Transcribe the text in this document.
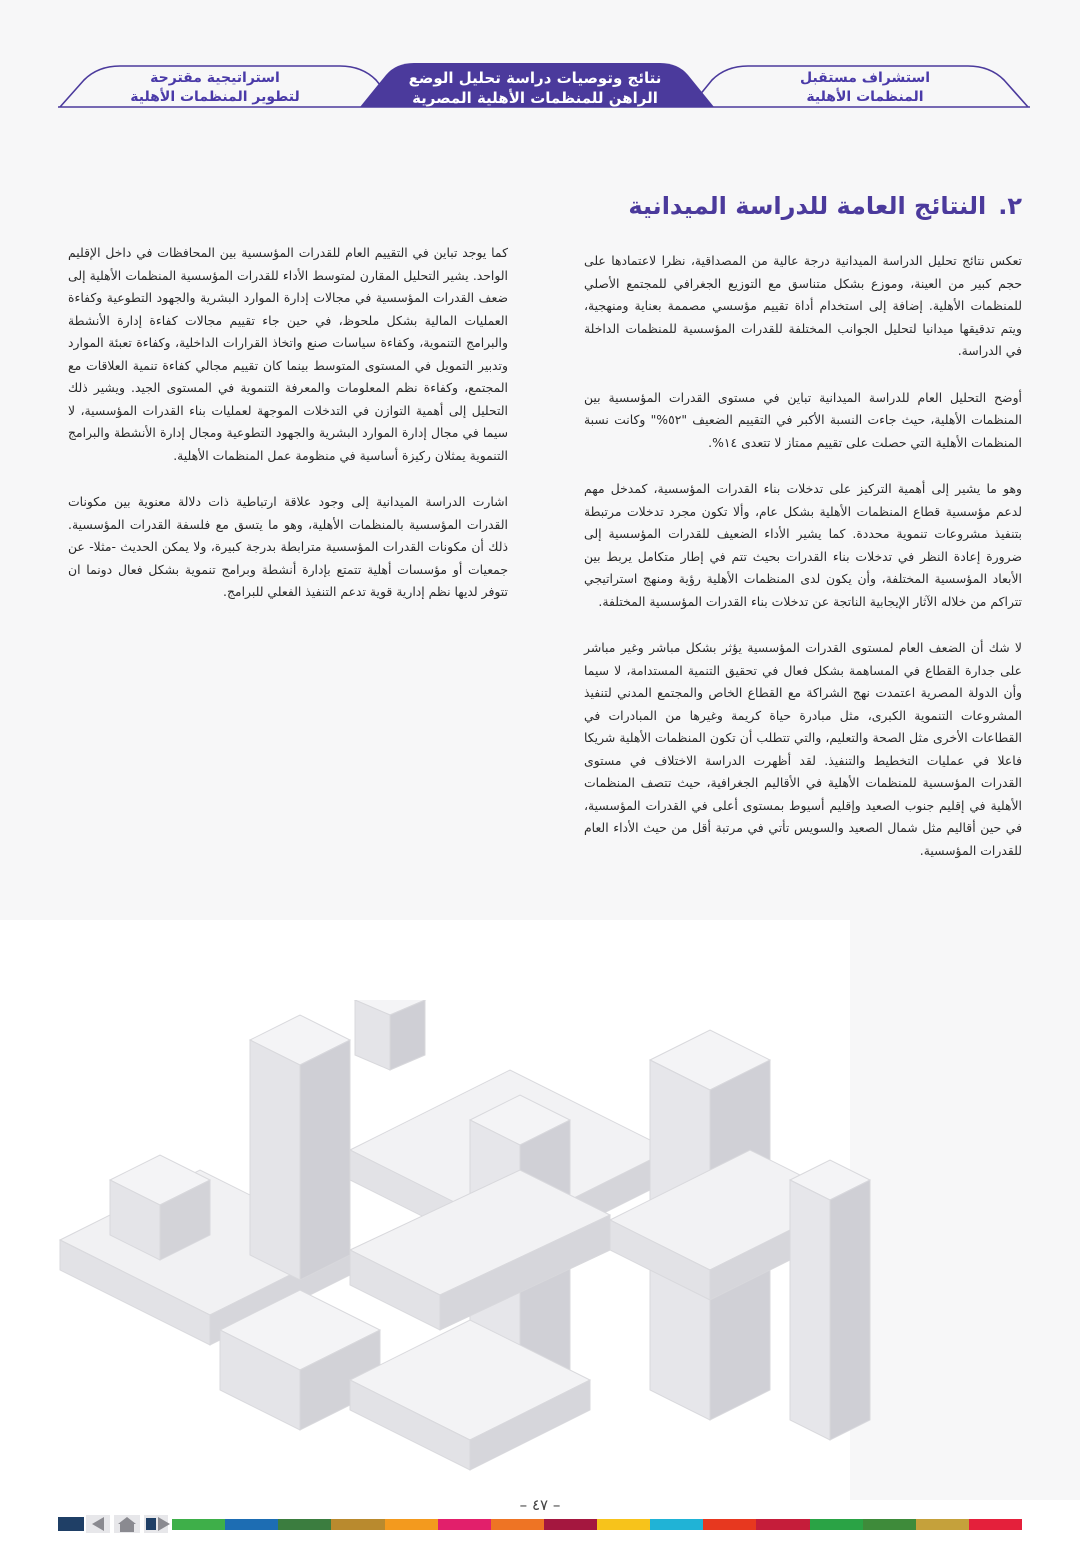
استشراف مستقبل
المنظمات الأهلية
نتائج وتوصيات دراسة تحليل الوضع
الراهن للمنظمات الأهلية المصرية
استراتيجية مقترحة
لتطوير المنظمات الأهلية
٢.النتائج العامة للدراسة الميدانية

تعكس نتائج تحليل الدراسة الميدانية درجة عالية من المصداقية، نظرا لاعتمادها على حجم كبير من العينة، وموزع بشكل متناسق مع التوزيع الجغرافي للمجتمع الأصلي للمنظمات الأهلية. إضافة إلى استخدام أداة تقييم مؤسسي مصممة بعناية ومنهجية، ويتم تدقيقها ميدانيا لتحليل الجوانب المختلفة للقدرات المؤسسية للمنظمات الداخلة في الدراسة.

أوضح التحليل العام للدراسة الميدانية تباين في مستوى القدرات المؤسسية بين المنظمات الأهلية، حيث جاءت النسبة الأكبر في التقييم الضعيف "٥٢%" وكانت نسبة المنظمات الأهلية التي حصلت على تقييم ممتاز لا تتعدى ١٤%.

وهو ما يشير إلى أهمية التركيز على تدخلات بناء القدرات المؤسسية، كمدخل مهم لدعم مؤسسية قطاع المنظمات الأهلية بشكل عام، وألا تكون مجرد تدخلات مرتبطة بتنفيذ مشروعات تنموية محددة. كما يشير الأداء الضعيف للقدرات المؤسسية إلى ضرورة إعادة النظر في تدخلات بناء القدرات بحيث تتم في إطار متكامل يربط بين الأبعاد المؤسسية المختلفة، وأن يكون لدى المنظمات الأهلية رؤية ومنهج استراتيجي تتراكم من خلاله الآثار الإيجابية الناتجة عن تدخلات بناء القدرات المؤسسية المختلفة.

لا شك أن الضعف العام لمستوى القدرات المؤسسية يؤثر بشكل مباشر وغير مباشر على جدارة القطاع في المساهمة بشكل فعال في تحقيق التنمية المستدامة، لا سيما وأن الدولة المصرية اعتمدت نهج الشراكة مع القطاع الخاص والمجتمع المدني لتنفيذ المشروعات التنموية الكبرى، مثل مبادرة حياة كريمة وغيرها من المبادرات في القطاعات الأخرى مثل الصحة والتعليم، والتي تتطلب أن تكون المنظمات الأهلية شريكا فاعلا في عمليات التخطيط والتنفيذ. لقد أظهرت الدراسة الاختلاف في مستوى القدرات المؤسسية للمنظمات الأهلية في الأقاليم الجغرافية، حيث تتصف المنظمات الأهلية في إقليم جنوب الصعيد وإقليم أسيوط بمستوى أعلى في القدرات المؤسسية، في حين أقاليم مثل شمال الصعيد والسويس تأتي في مرتبة أقل من حيث الأداء العام للقدرات المؤسسية.

كما يوجد تباين في التقييم العام للقدرات المؤسسية بين المحافظات في داخل الإقليم الواحد. يشير التحليل المقارن لمتوسط الأداء للقدرات المؤسسية المنظمات الأهلية إلى ضعف القدرات المؤسسية في مجالات إدارة الموارد البشرية والجهود التطوعية وكفاءة العمليات المالية بشكل ملحوظ، في حين جاء تقييم مجالات كفاءة إدارة الأنشطة والبرامج التنموية، وكفاءة سياسات صنع واتخاذ القرارات الداخلية، وكفاءة تعبئة الموارد وتدبير التمويل في المستوى المتوسط بينما كان تقييم مجالي كفاءة تنمية العلاقات مع المجتمع، وكفاءة نظم المعلومات والمعرفة التنموية في المستوى الجيد. ويشير ذلك التحليل إلى أهمية التوازن في التدخلات الموجهة لعمليات بناء القدرات المؤسسية، لا سيما في مجال إدارة الموارد البشرية والجهود التطوعية ومجال إدارة الأنشطة والبرامج التنموية يمثلان ركيزة أساسية في منظومة عمل المنظمات الأهلية.

اشارت الدراسة الميدانية إلى وجود علاقة ارتباطية ذات دلالة معنوية بين مكونات القدرات المؤسسية بالمنظمات الأهلية، وهو ما يتسق مع فلسفة القدرات المؤسسية. ذلك أن مكونات القدرات المؤسسية مترابطة بدرجة كبيرة، ولا يمكن الحديث -مثلا- عن جمعيات أو مؤسسات أهلية تتمتع بإدارة أنشطة وبرامج تنموية بشكل فعال دونما ان تتوفر لديها نظم إدارية قوية تدعم التنفيذ الفعلي للبرامج.

– ٤٧ –
